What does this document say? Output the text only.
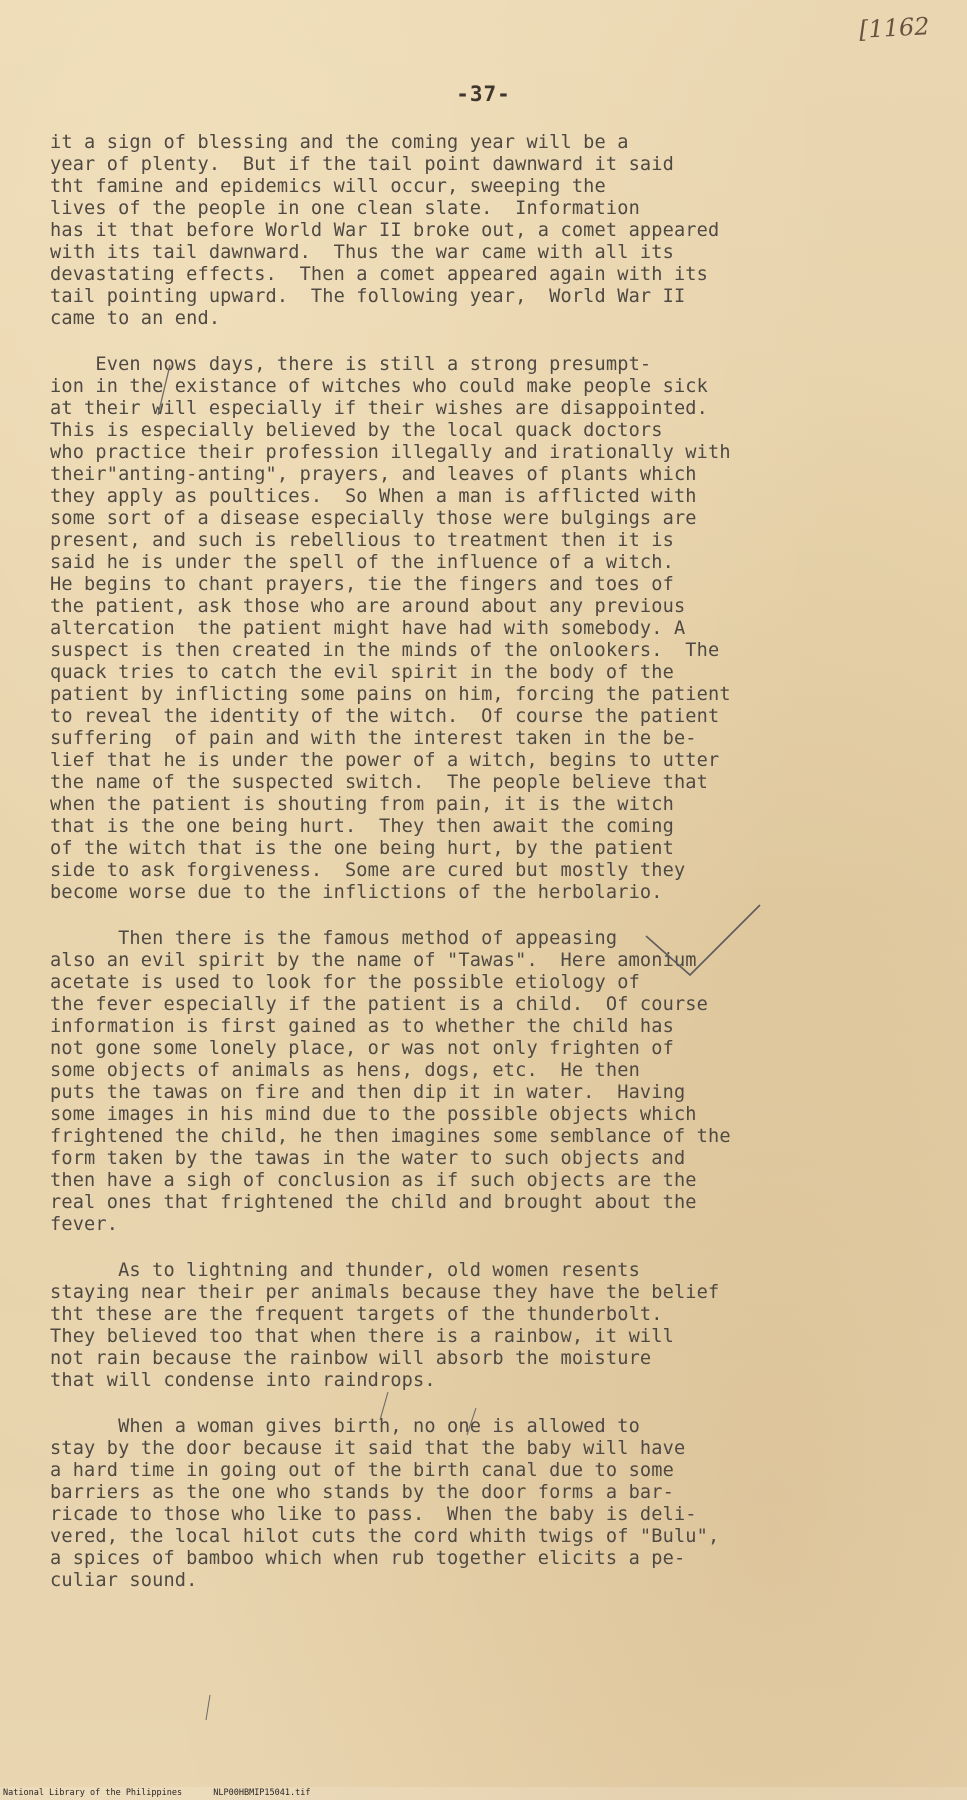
[1162
-37-
it a sign of blessing and the coming year will be a
year of plenty.  But if the tail point dawnward it said
tht famine and epidemics will occur, sweeping the
lives of the people in one clean slate.  Information
has it that before World War II broke out, a comet appeared
with its tail dawnward.  Thus the war came with all its
devastating effects.  Then a comet appeared again with its
tail pointing upward.  The following year,  World War II
came to an end.
Even nows days, there is still a strong presumpt-
ion in the existance of witches who could make people sick
at their will especially if their wishes are disappointed.
This is especially believed by the local quack doctors
who practice their profession illegally and irationally with
their"anting-anting", prayers, and leaves of plants which
they apply as poultices.  So When a man is afflicted with
some sort of a disease especially those were bulgings are
present, and such is rebellious to treatment then it is
said he is under the spell of the influence of a witch.
He begins to chant prayers, tie the fingers and toes of
the patient, ask those who are around about any previous
altercation  the patient might have had with somebody. A
suspect is then created in the minds of the onlookers.  The
quack tries to catch the evil spirit in the body of the
patient by inflicting some pains on him, forcing the patient
to reveal the identity of the witch.  Of course the patient
suffering  of pain and with the interest taken in the be-
lief that he is under the power of a witch, begins to utter
the name of the suspected switch.  The people believe that
when the patient is shouting from pain, it is the witch
that is the one being hurt.  They then await the coming
of the witch that is the one being hurt, by the patient
side to ask forgiveness.  Some are cured but mostly they
become worse due to the inflictions of the herbolario.
Then there is the famous method of appeasing
also an evil spirit by the name of "Tawas".  Here amonium
acetate is used to look for the possible etiology of
the fever especially if the patient is a child.  Of course
information is first gained as to whether the child has
not gone some lonely place, or was not only frighten of
some objects of animals as hens, dogs, etc.  He then
puts the tawas on fire and then dip it in water.  Having
some images in his mind due to the possible objects which
frightened the child, he then imagines some semblance of the
form taken by the tawas in the water to such objects and
then have a sigh of conclusion as if such objects are the
real ones that frightened the child and brought about the
fever.
As to lightning and thunder, old women resents
staying near their per animals because they have the belief
tht these are the frequent targets of the thunderbolt.
They believed too that when there is a rainbow, it will
not rain because the rainbow will absorb the moisture
that will condense into raindrops.
When a woman gives birth, no one is allowed to
stay by the door because it said that the baby will have
a hard time in going out of the birth canal due to some
barriers as the one who stands by the door forms a bar-
ricade to those who like to pass.  When the baby is deli-
vered, the local hilot cuts the cord whith twigs of "Bulu",
a spices of bamboo which when rub together elicits a pe-
culiar sound.
National Library of the Philippines	NLP00HBMIP15041.tif
